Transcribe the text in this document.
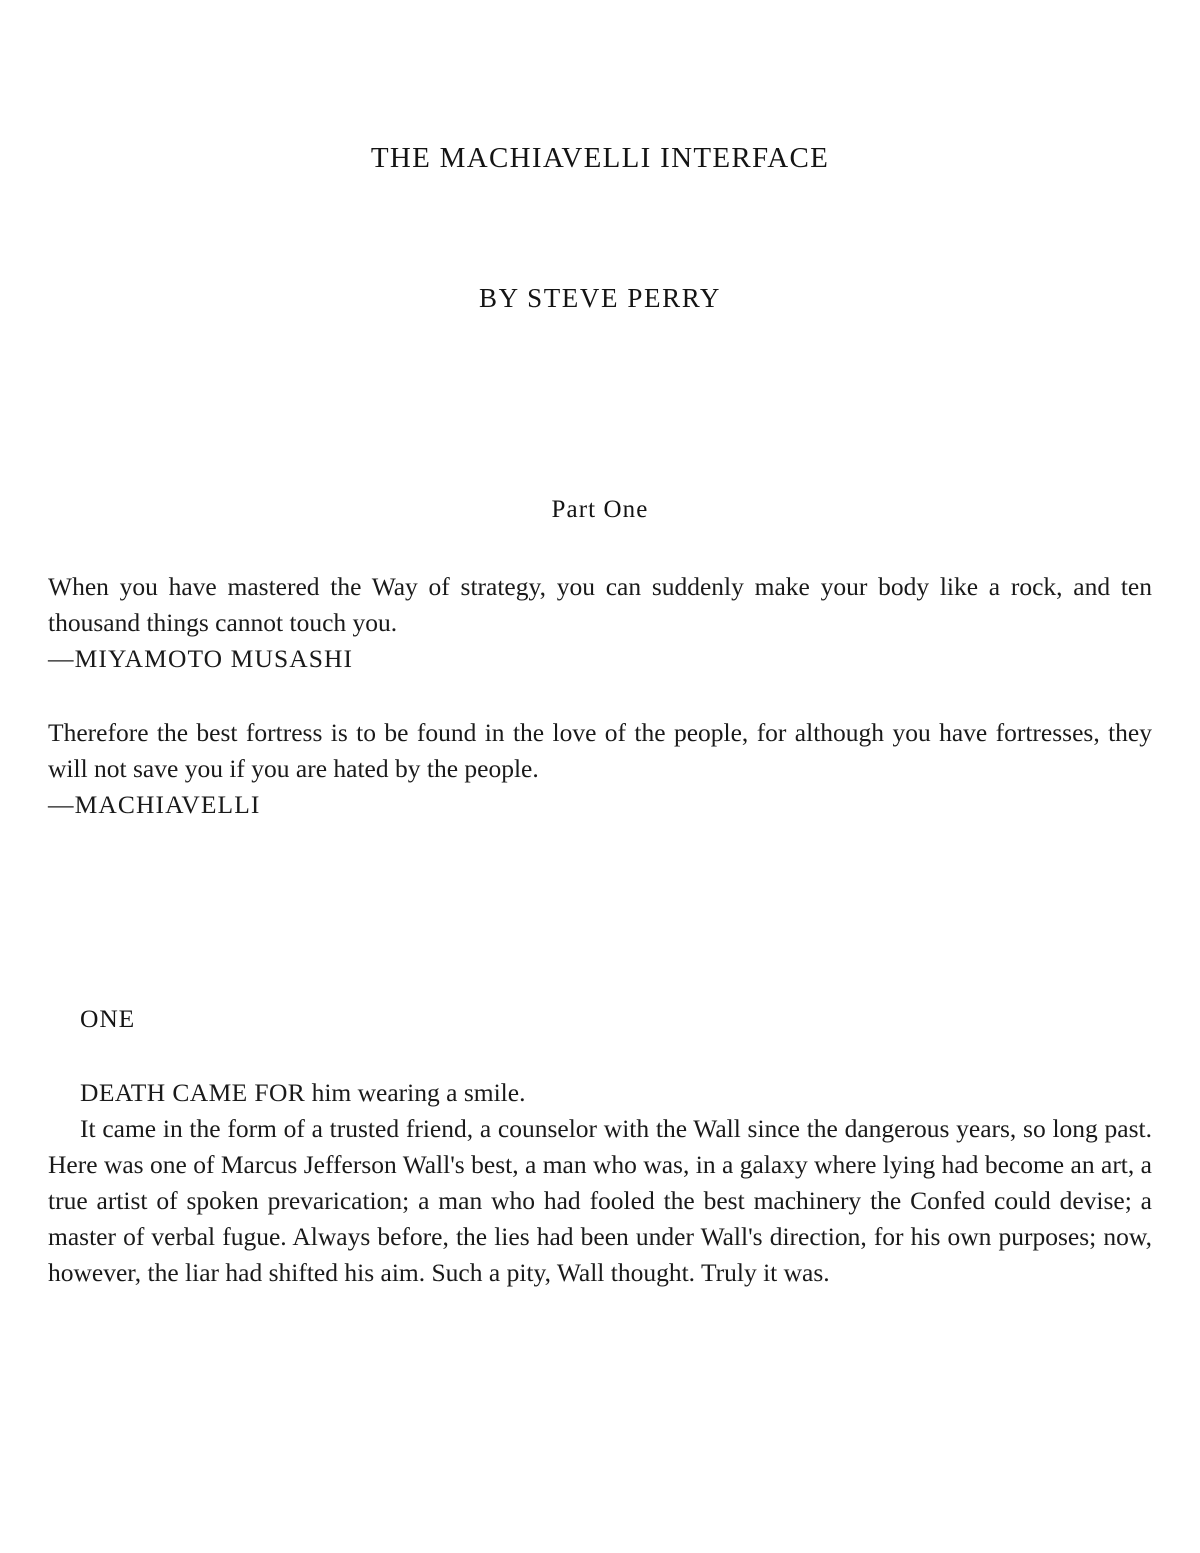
THE MACHIAVELLI INTERFACE

BY STEVE PERRY

Part One
When you have mastered the Way of strategy, you can suddenly make your body like a rock, and ten thousand things cannot touch you.
—MIYAMOTO MUSASHI
Therefore the best fortress is to be found in the love of the people, for although you have fortresses, they will not save you if you are hated by the people.
—MACHIAVELLI
ONE

DEATH CAME FOR him wearing a smile.

It came in the form of a trusted friend, a counselor with the Wall since the dangerous years, so long past. Here was one of Marcus Jefferson Wall's best, a man who was, in a galaxy where lying had become an art, a true artist of spoken prevarication; a man who had fooled the best machinery the Confed could devise; a master of verbal fugue. Always before, the lies had been under Wall's direction, for his own purposes; now, however, the liar had shifted his aim. Such a pity, Wall thought. Truly it was.
